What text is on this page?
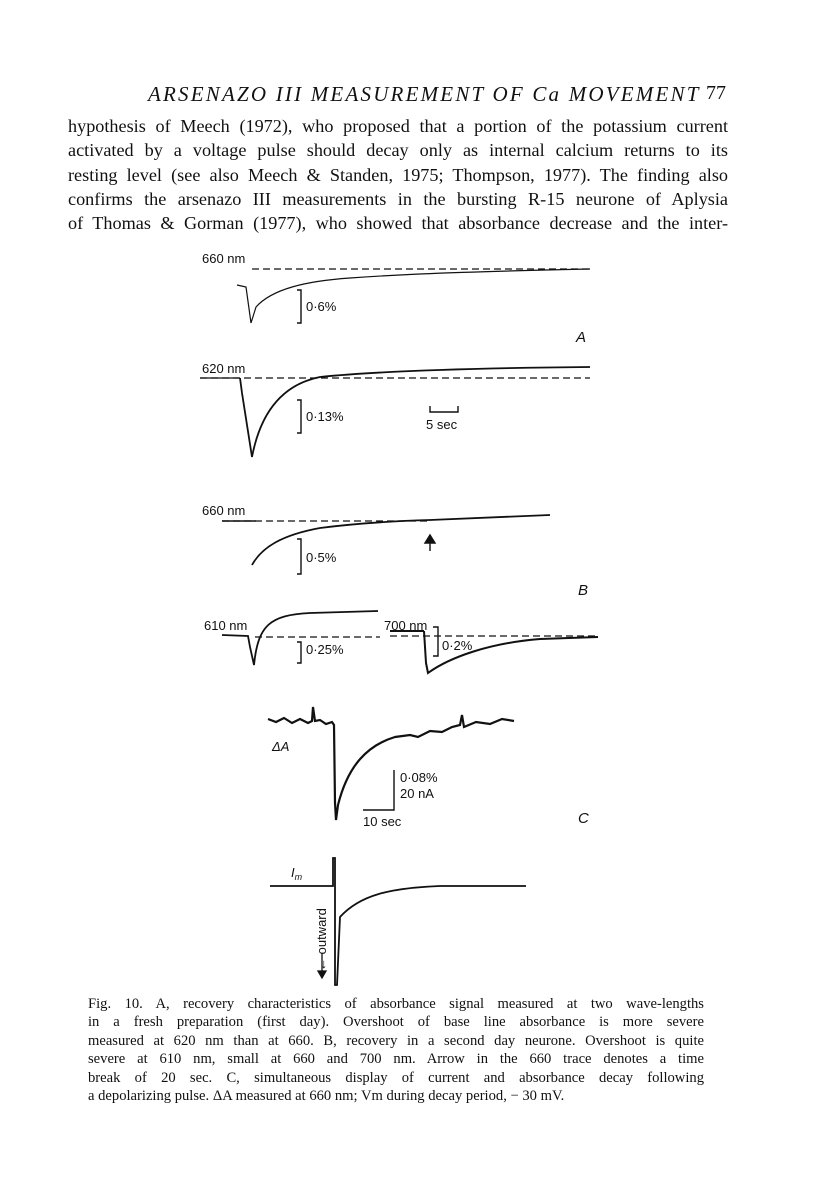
ARSENAZO III MEASUREMENT OF Ca MOVEMENT 77
hypothesis of Meech (1972), who proposed that a portion of the potassium current
activated by a voltage pulse should decay only as internal calcium returns to its
resting level (see also Meech & Standen, 1975; Thompson, 1977). The finding also
confirms the arsenazo III measurements in the bursting R-15 neurone of Aplysia
of Thomas & Gorman (1977), who showed that absorbance decrease and the inter-
660 nm
0·6%
A
620 nm
0·13%
5 sec
660 nm
0·5%
B
610 nm
0·25%
700 nm
0·2%
ΔA
0·08%
20 nA
10 sec	C
$I_m$
← outward
Fig. 10. A, recovery characteristics of absorbance signal measured at two wave-lengths
in a fresh preparation (first day). Overshoot of base line absorbance is more severe
measured at 620 nm than at 660. B, recovery in a second day neurone. Overshoot is quite
severe at 610 nm, small at 660 and 700 nm. Arrow in the 660 trace denotes a time
break of 20 sec. C, simultaneous display of current and absorbance decay following
a depolarizing pulse. ΔA measured at 660 nm; Vm during decay period, − 30 mV.
